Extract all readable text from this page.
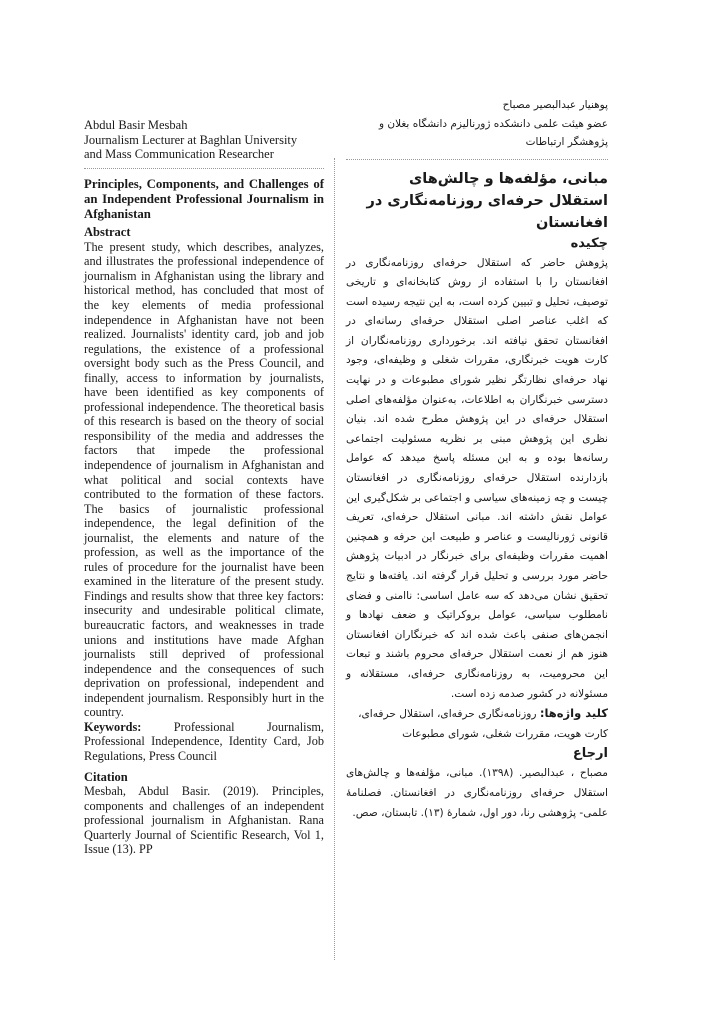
Abdul Basir Mesbah
Journalism Lecturer at Baghlan University
and Mass Communication Researcher
Principles, Components, and Challenges of an Independent Professional Journalism in Afghanistan
Abstract
The present study, which describes, analyzes, and illustrates the professional independence of journalism in Afghanistan using the library and historical method, has concluded that most of the key elements of media professional independence in Afghanistan have not been realized. Journalists' identity card, job and job regulations, the existence of a professional oversight body such as the Press Council, and finally, access to information by journalists, have been identified as key components of professional independence. The theoretical basis of this research is based on the theory of social responsibility of the media and addresses the factors that impede the professional independence of journalism in Afghanistan and what political and social contexts have contributed to the formation of these factors. The basics of journalistic professional independence, the legal definition of the journalist, the elements and nature of the profession, as well as the importance of the rules of procedure for the journalist have been examined in the literature of the present study. Findings and results show that three key factors: insecurity and undesirable political climate, bureaucratic factors, and weaknesses in trade unions and institutions have made Afghan journalists still deprived of professional independence and the consequences of such deprivation on professional, independent and independent journalism. Responsibly hurt in the country.
Keywords:	Professional Journalism, Professional Independence, Identity Card, Job Regulations, Press Council
Citation
Mesbah, Abdul Basir. (2019). Principles, components and challenges of an independent professional journalism in Afghanistan. Rana Quarterly Journal of Scientific Research, Vol 1, Issue (13). PP
پوهنیار عبدالبصیر مصباح
عضو هیئت علمی دانشکده ژورنالیزم دانشگاه بغلان و
پژوهشگر ارتباطات
مبانی، مؤلفه‌ها و چالش‌های استقلال حرفه‌ای روزنامه‌نگاری در افغانستان
چکیده
پژوهش حاضر که استقلال حرفه‌ای روزنامه‌نگاری در افغانستان را با استفاده از روش کتابخانه‌ای و تاریخی توصیف، تحلیل و تبیین کرده است، به این نتیجه رسیده است که اغلب عناصر اصلی استقلال حرفه‌ای رسانه‌ای در افغانستان تحقق نیافته اند. برخورداری روزنامه‌نگاران از کارت هویت خبرنگاری، مقررات شغلی و وظیفه‌ای، وجود نهاد حرفه‌ای نظارتگر نظیر شورای مطبوعات و در نهایت دسترسی خبرنگاران به اطلاعات، به‌عنوان مؤلفه‌های اصلی استقلال حرفه‌ای در این پژوهش مطرح شده اند. بنیان نظری این پژوهش مبنی بر نظریه مسئولیت اجتماعی رسانه‌ها بوده و به این مسئله پاسخ میدهد که عوامل بازدارنده استقلال حرفه‌ای روزنامه‌نگاری در افغانستان چیست و چه زمینه‌های سیاسی و اجتماعی بر شکل‌گیری این عوامل نقش داشته اند. مبانی استقلال حرفه‌ای، تعریف قانونی ژورنالیست و عناصر و طبیعت این حرفه و همچنین اهمیت مقررات وظیفه‌ای برای خبرنگار در ادبیات پژوهش حاضر مورد بررسی و تحلیل قرار گرفته اند. یافته‌ها و نتایج تحقیق نشان می‌دهد که سه عامل اساسی: ناامنی و فضای نامطلوب سیاسی، عوامل بروکراتیک و ضعف نهادها و انجمن‌های صنفی باعث شده اند که خبرنگاران افغانستان هنوز هم از نعمت استقلال حرفه‌ای محروم باشند و تبعات این محرومیت، به روزنامه‌نگاری حرفه‌ای، مستقلانه و مسئولانه در کشور صدمه زده است.
کلید واژه‌ها: روزنامه‌نگاری حرفه‌ای، استقلال حرفه‌ای، کارت هویت، مقررات شغلی، شورای مطبوعات
ارجاع
مصباح ، عبدالبصیر. (۱۳۹۸). مبانی، مؤلفه‌ها و چالش‌های استقلال حرفه‌ای روزنامه‌نگاری در افغانستان. فصلنامهٔ علمی- پژوهشی رنا، دور اول، شمارهٔ (۱۳). تابستان، صص.
